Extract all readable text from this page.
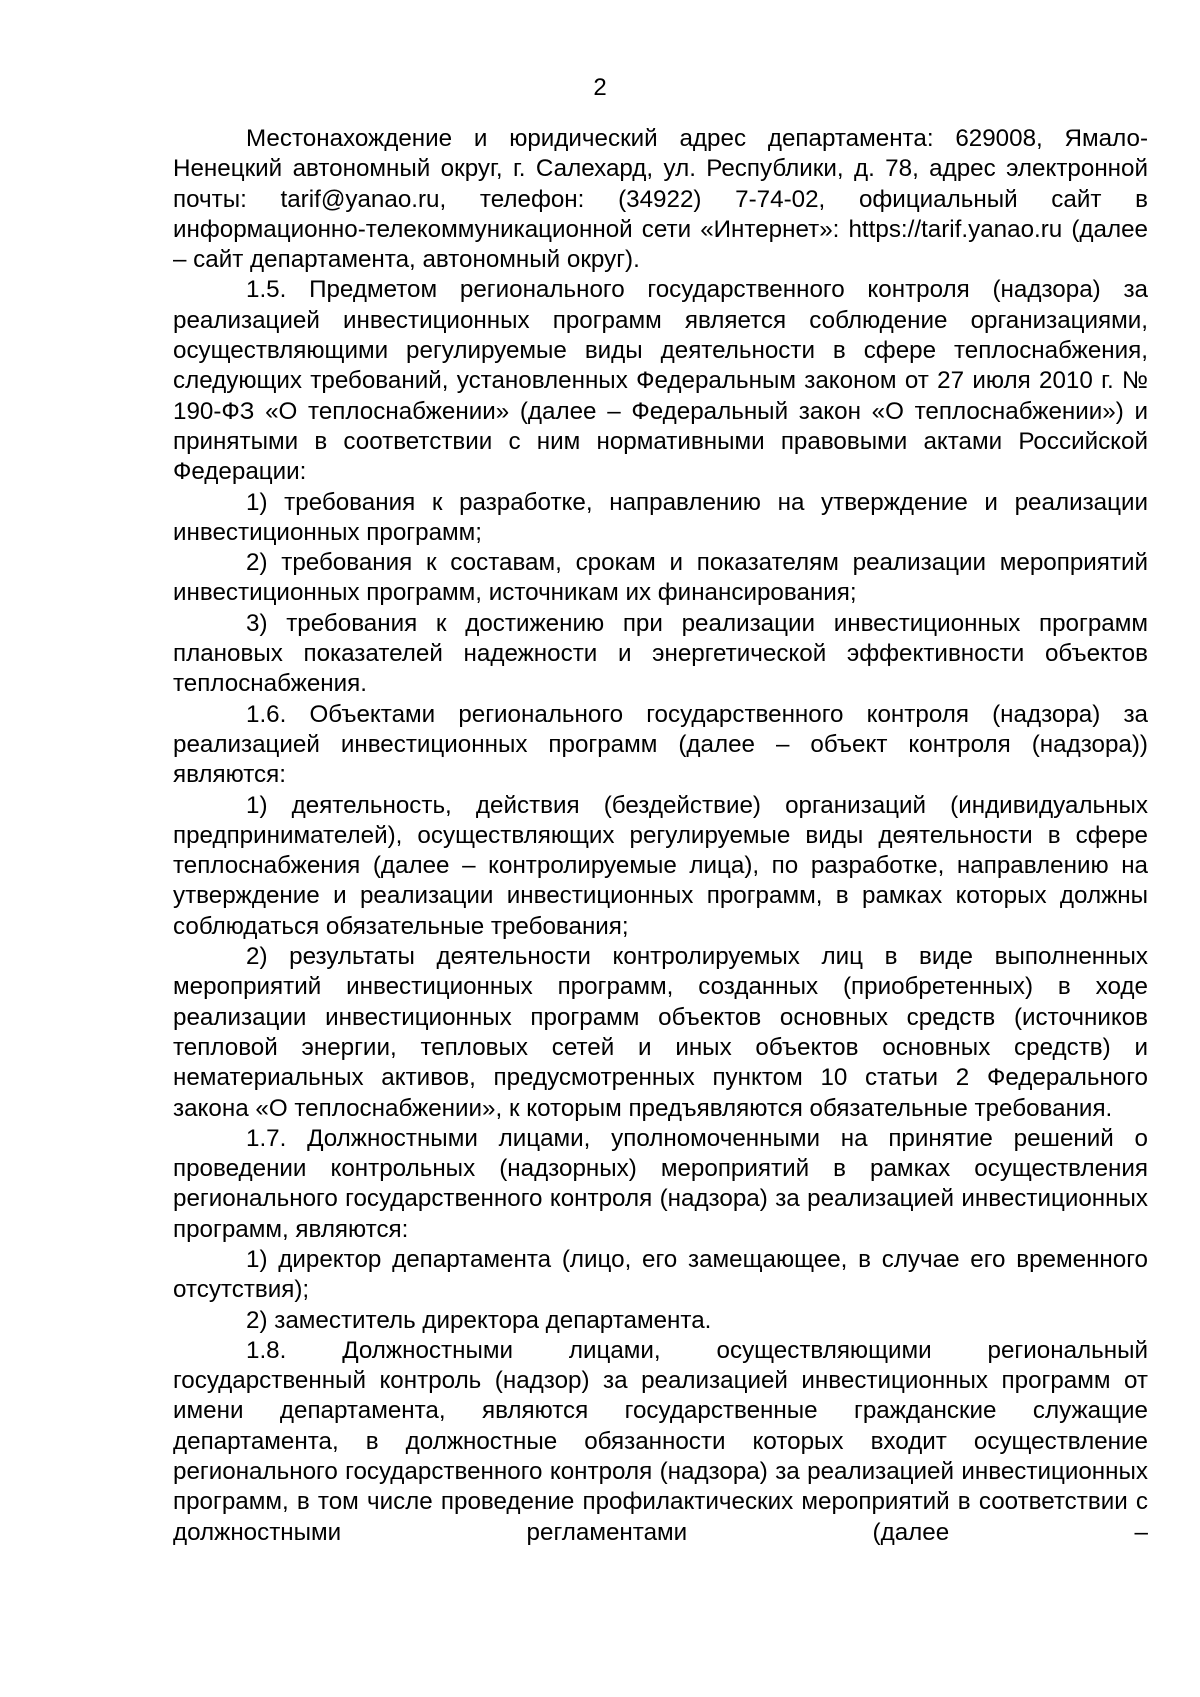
2

Местонахождение и юридический адрес департамента: 629008, Ямало-Ненецкий автономный округ, г. Салехард, ул. Республики, д. 78, адрес электронной почты: tarif@yanao.ru, телефон: (34922) 7-74-02, официальный сайт в информационно-телекоммуникационной сети «Интернет»: https://tarif.yanao.ru (далее – сайт департамента, автономный округ).

1.5. Предметом регионального государственного контроля (надзора) за реализацией инвестиционных программ является соблюдение организациями, осуществляющими регулируемые виды деятельности в сфере теплоснабжения, следующих требований, установленных Федеральным законом от 27 июля 2010 г. № 190-ФЗ «О теплоснабжении» (далее – Федеральный закон «О теплоснабжении») и принятыми в соответствии с ним нормативными правовыми актами Российской Федерации:

1) требования к разработке, направлению на утверждение и реализации инвестиционных программ;

2) требования к составам, срокам и показателям реализации мероприятий инвестиционных программ, источникам их финансирования;

3) требования к достижению при реализации инвестиционных программ плановых показателей надежности и энергетической эффективности объектов теплоснабжения.

1.6. Объектами регионального государственного контроля (надзора) за реализацией инвестиционных программ (далее – объект контроля (надзора)) являются:

1) деятельность, действия (бездействие) организаций (индивидуальных предпринимателей), осуществляющих регулируемые виды деятельности в сфере теплоснабжения (далее – контролируемые лица), по разработке, направлению на утверждение и реализации инвестиционных программ, в рамках которых должны соблюдаться обязательные требования;

2) результаты деятельности контролируемых лиц в виде выполненных мероприятий инвестиционных программ, созданных (приобретенных) в ходе реализации инвестиционных программ объектов основных средств (источников тепловой энергии, тепловых сетей и иных объектов основных средств) и нематериальных активов, предусмотренных пунктом 10 статьи 2 Федерального закона «О теплоснабжении», к которым предъявляются обязательные требования.

1.7. Должностными лицами, уполномоченными на принятие решений о проведении контрольных (надзорных) мероприятий в рамках осуществления регионального государственного контроля (надзора) за реализацией инвестиционных программ, являются:

1) директор департамента (лицо, его замещающее, в случае его временного отсутствия);

2) заместитель директора департамента.

1.8. Должностными лицами, осуществляющими региональный государственный контроль (надзор) за реализацией инвестиционных программ от имени департамента, являются государственные гражданские служащие департамента, в должностные обязанности которых входит осуществление регионального государственного контроля (надзора) за реализацией инвестиционных программ, в том числе проведение профилактических мероприятий в соответствии с должностными регламентами (далее –
